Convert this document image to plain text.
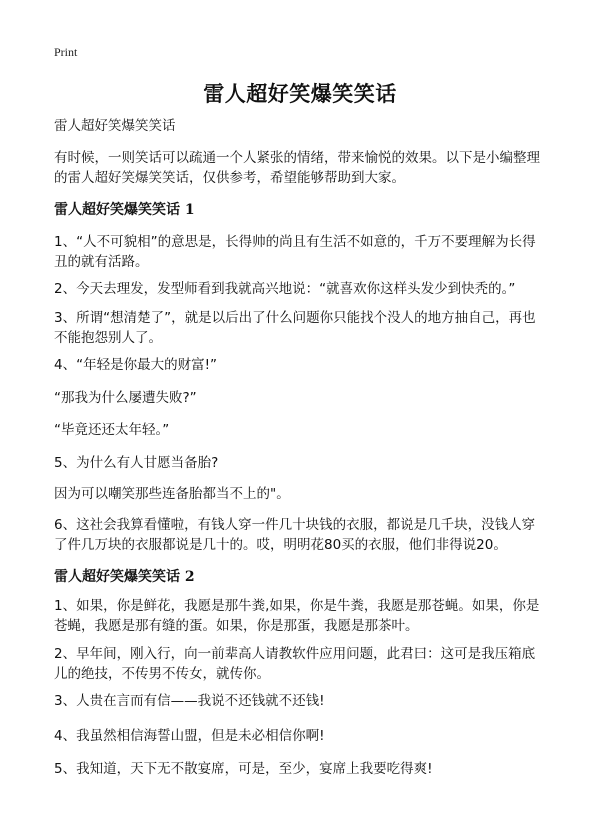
Print
雷人超好笑爆笑笑话
雷人超好笑爆笑笑话
有时候，一则笑话可以疏通一个人紧张的情绪，带来愉悦的效果。以下是小编整理的雷人超好笑爆笑笑话，仅供参考，希望能够帮助到大家。
雷人超好笑爆笑笑话 1
1、“人不可貌相”的意思是，长得帅的尚且有生活不如意的，千万不要理解为长得丑的就有活路。
2、今天去理发，发型师看到我就高兴地说：“就喜欢你这样头发少到快秃的。”
3、所谓“想清楚了”，就是以后出了什么问题你只能找个没人的地方抽自己，再也不能抱怨别人了。
4、“年轻是你最大的财富!”
“那我为什么屡遭失败?”
“毕竟还还太年轻。”
5、为什么有人甘愿当备胎?
因为可以嘲笑那些连备胎都当不上的"。
6、这社会我算看懂啦，有钱人穿一件几十块钱的衣服，都说是几千块，没钱人穿了件几万块的衣服都说是几十的。哎，明明花80买的衣服，他们非得说20。
雷人超好笑爆笑笑话 2
1、如果，你是鲜花，我愿是那牛粪,如果，你是牛粪，我愿是那苍蝇。如果，你是苍蝇，我愿是那有缝的蛋。如果，你是那蛋，我愿是那茶叶。
2、早年间，刚入行，向一前辈高人请教软件应用问题，此君曰：这可是我压箱底儿的绝技，不传男不传女，就传你。
3、人贵在言而有信——我说不还钱就不还钱!
4、我虽然相信海誓山盟，但是未必相信你啊!
5、我知道，天下无不散宴席，可是，至少，宴席上我要吃得爽!
